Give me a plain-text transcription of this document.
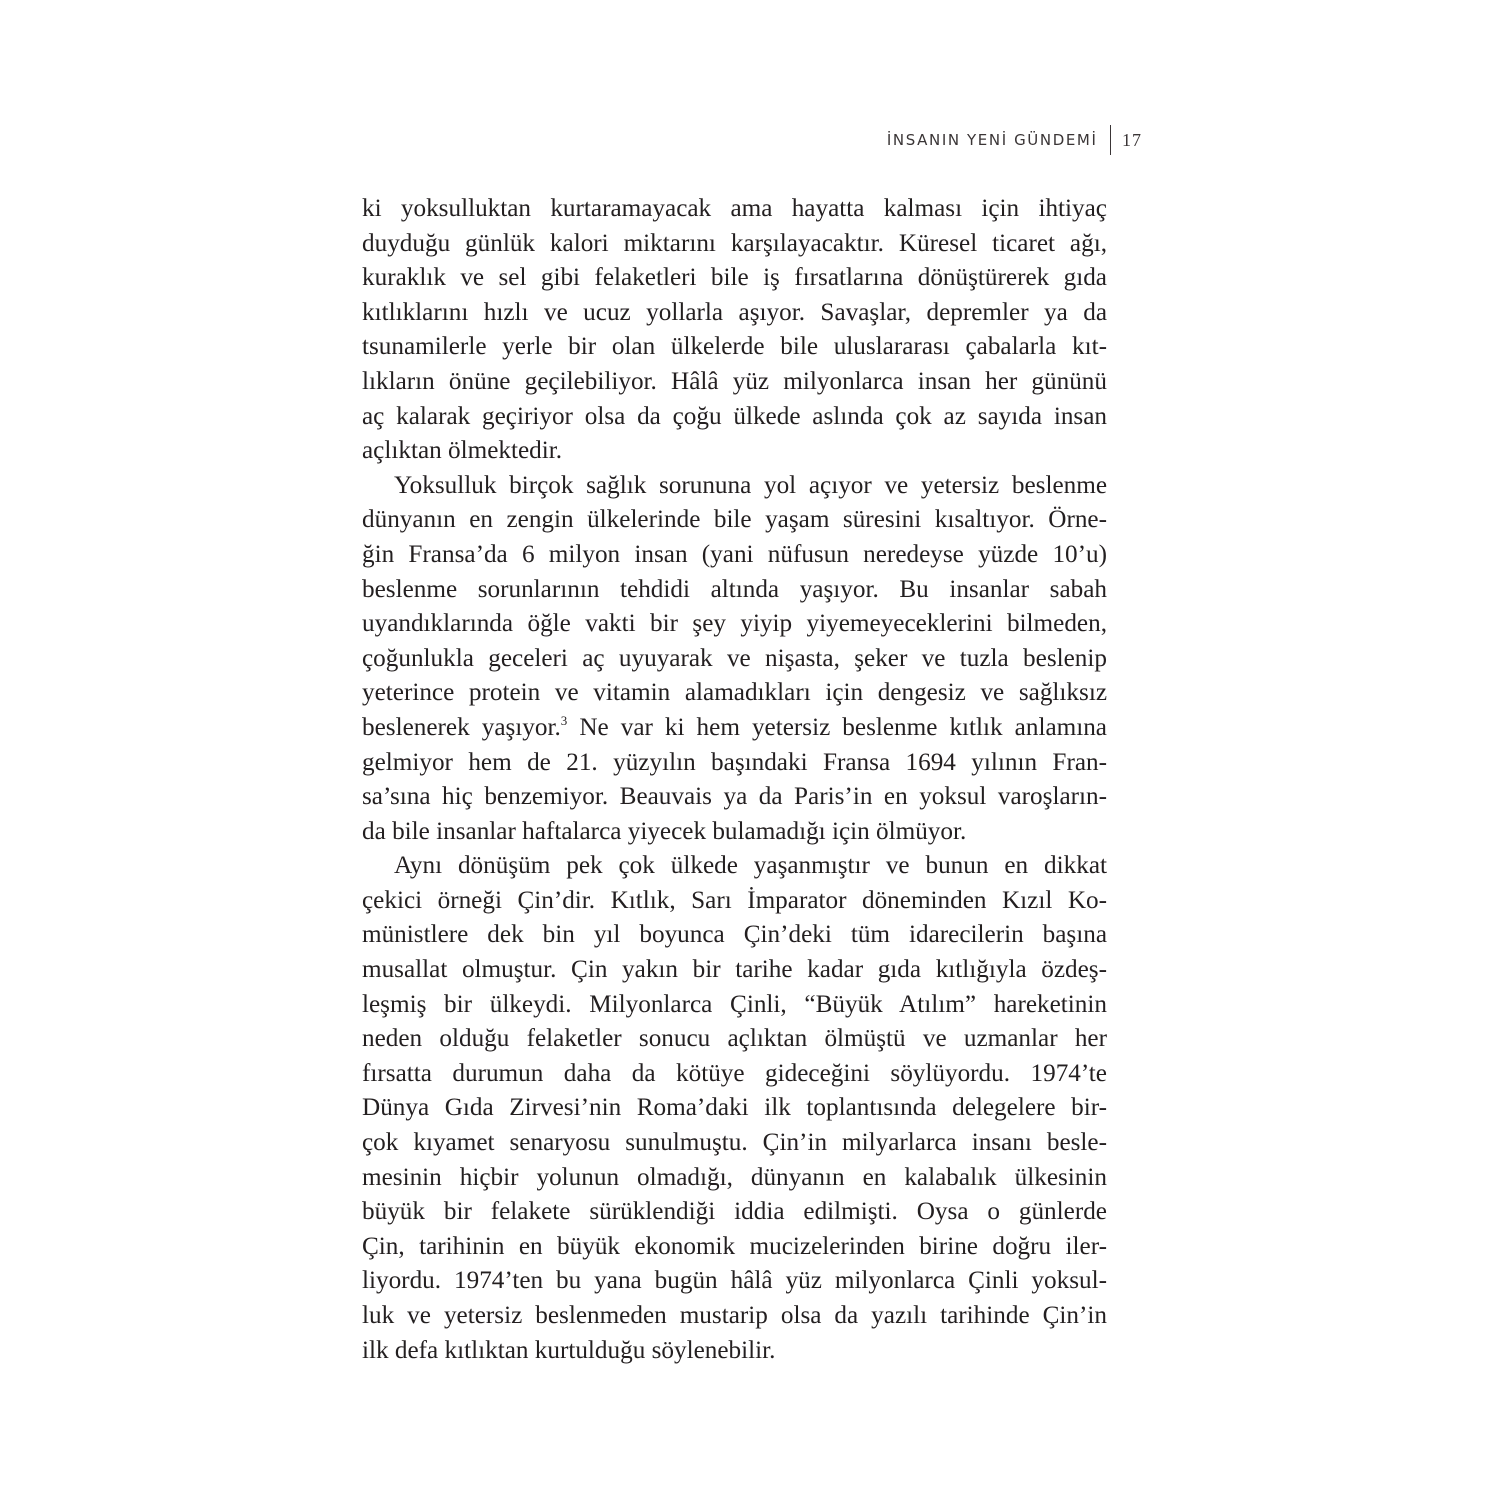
İNSANIN YENİ GÜNDEMİ 17
ki yoksulluktan kurtaramayacak ama hayatta kalması için ihtiyaç
duyduğu günlük kalori miktarını karşılayacaktır. Küresel ticaret ağı,
kuraklık ve sel gibi felaketleri bile iş fırsatlarına dönüştürerek gıda
kıtlıklarını hızlı ve ucuz yollarla aşıyor. Savaşlar, depremler ya da
tsunamilerle yerle bir olan ülkelerde bile uluslararası çabalarla kıt-
lıkların önüne geçilebiliyor. Hâlâ yüz milyonlarca insan her gününü
aç kalarak geçiriyor olsa da çoğu ülkede aslında çok az sayıda insan
açlıktan ölmektedir.
Yoksulluk birçok sağlık sorununa yol açıyor ve yetersiz beslenme
dünyanın en zengin ülkelerinde bile yaşam süresini kısaltıyor. Örne-
ğin Fransa’da 6 milyon insan (yani nüfusun neredeyse yüzde 10’u)
beslenme sorunlarının tehdidi altında yaşıyor. Bu insanlar sabah
uyandıklarında öğle vakti bir şey yiyip yiyemeyeceklerini bilmeden,
çoğunlukla geceleri aç uyuyarak ve nişasta, şeker ve tuzla beslenip
yeterince protein ve vitamin alamadıkları için dengesiz ve sağlıksız
beslenerek yaşıyor.$^3$ Ne var ki hem yetersiz beslenme kıtlık anlamına
gelmiyor hem de 21. yüzyılın başındaki Fransa 1694 yılının Fran-
sa’sına hiç benzemiyor. Beauvais ya da Paris’in en yoksul varoşların-
da bile insanlar haftalarca yiyecek bulamadığı için ölmüyor.
Aynı dönüşüm pek çok ülkede yaşanmıştır ve bunun en dikkat
çekici örneği Çin’dir. Kıtlık, Sarı İmparator döneminden Kızıl Ko-
münistlere dek bin yıl boyunca Çin’deki tüm idarecilerin başına
musallat olmuştur. Çin yakın bir tarihe kadar gıda kıtlığıyla özdeş-
leşmiş bir ülkeydi. Milyonlarca Çinli, “Büyük Atılım” hareketinin
neden olduğu felaketler sonucu açlıktan ölmüştü ve uzmanlar her
fırsatta durumun daha da kötüye gideceğini söylüyordu. 1974’te
Dünya Gıda Zirvesi’nin Roma’daki ilk toplantısında delegelere bir-
çok kıyamet senaryosu sunulmuştu. Çin’in milyarlarca insanı besle-
mesinin hiçbir yolunun olmadığı, dünyanın en kalabalık ülkesinin
büyük bir felakete sürüklendiği iddia edilmişti. Oysa o günlerde
Çin, tarihinin en büyük ekonomik mucizelerinden birine doğru iler-
liyordu. 1974’ten bu yana bugün hâlâ yüz milyonlarca Çinli yoksul-
luk ve yetersiz beslenmeden mustarip olsa da yazılı tarihinde Çin’in
ilk defa kıtlıktan kurtulduğu söylenebilir.
